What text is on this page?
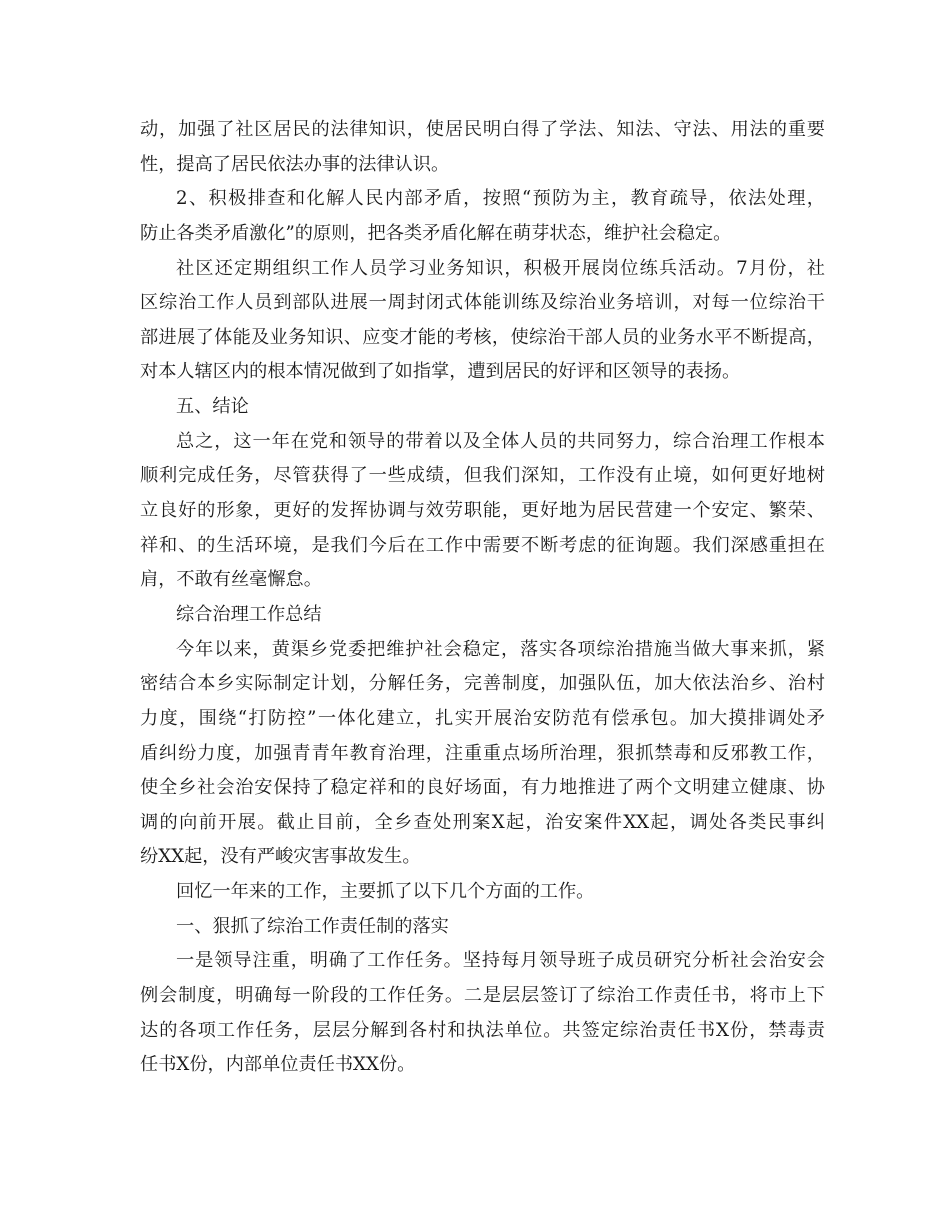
动，加强了社区居民的法律知识，使居民明白得了学法、知法、守法、用法的重要
性，提高了居民依法办事的法律认识。
2、积极排查和化解人民内部矛盾，按照“预防为主，教育疏导，依法处理，
防止各类矛盾激化”的原则，把各类矛盾化解在萌芽状态，维护社会稳定。
社区还定期组织工作人员学习业务知识，积极开展岗位练兵活动。7月份，社
区综治工作人员到部队进展一周封闭式体能训练及综治业务培训，对每一位综治干
部进展了体能及业务知识、应变才能的考核，使综治干部人员的业务水平不断提高，
对本人辖区内的根本情况做到了如指掌，遭到居民的好评和区领导的表扬。
五、结论
总之，这一年在党和领导的带着以及全体人员的共同努力，综合治理工作根本
顺利完成任务，尽管获得了一些成绩，但我们深知，工作没有止境，如何更好地树
立良好的形象，更好的发挥协调与效劳职能，更好地为居民营建一个安定、繁荣、
祥和、的生活环境，是我们今后在工作中需要不断考虑的征询题。我们深感重担在
肩，不敢有丝毫懈怠。
综合治理工作总结
今年以来，黄渠乡党委把维护社会稳定，落实各项综治措施当做大事来抓，紧
密结合本乡实际制定计划，分解任务，完善制度，加强队伍，加大依法治乡、治村
力度，围绕“打防控”一体化建立，扎实开展治安防范有偿承包。加大摸排调处矛
盾纠纷力度，加强青青年教育治理，注重重点场所治理，狠抓禁毒和反邪教工作，
使全乡社会治安保持了稳定祥和的良好场面，有力地推进了两个文明建立健康、协
调的向前开展。截止目前，全乡查处刑案X起，治安案件XX起，调处各类民事纠
纷XX起，没有严峻灾害事故发生。
回忆一年来的工作，主要抓了以下几个方面的工作。
一、狠抓了综治工作责任制的落实
一是领导注重，明确了工作任务。坚持每月领导班子成员研究分析社会治安会
例会制度，明确每一阶段的工作任务。二是层层签订了综治工作责任书，将市上下
达的各项工作任务，层层分解到各村和执法单位。共签定综治责任书X份，禁毒责
任书X份，内部单位责任书XX份。
